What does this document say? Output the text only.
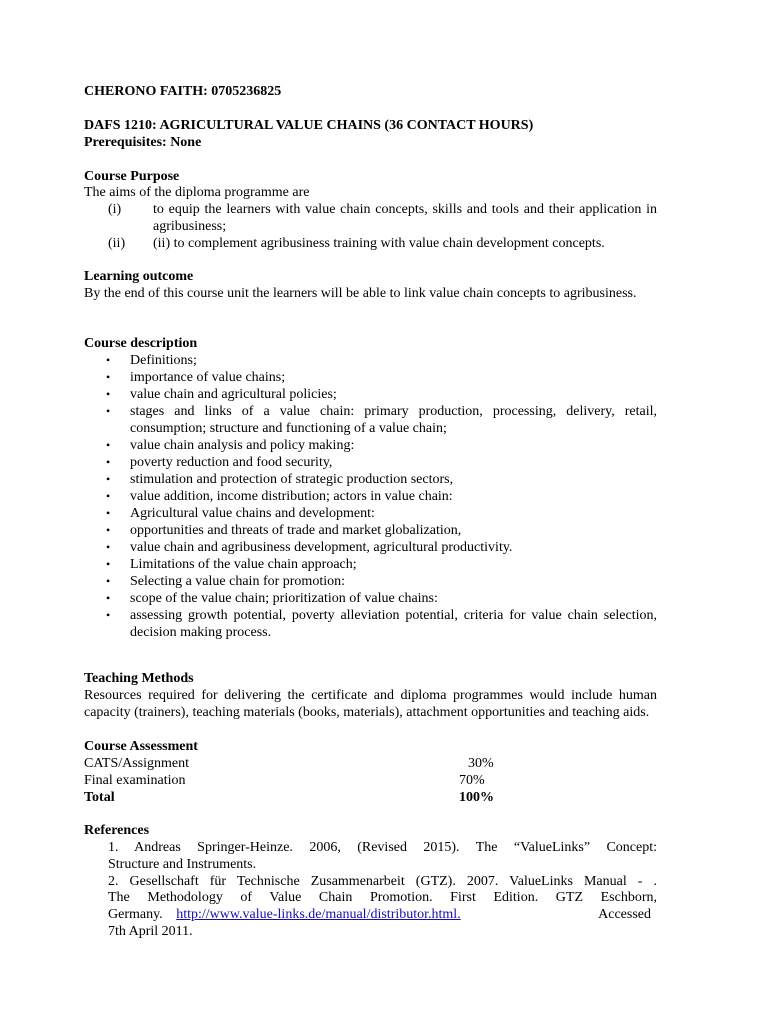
CHERONO FAITH: 0705236825
DAFS 1210: AGRICULTURAL VALUE CHAINS (36 CONTACT HOURS)
Prerequisites: None
Course Purpose
The aims of the diploma programme are
(i) to equip the learners with value chain concepts, skills and tools and their application in agribusiness;
(ii) (ii) to complement agribusiness training with value chain development concepts.
Learning outcome
By the end of this course unit the learners will be able to link value chain concepts to agribusiness.
Course description
• Definitions;
• importance of value chains;
• value chain and agricultural policies;
• stages and links of a value chain: primary production, processing, delivery, retail, consumption; structure and functioning of a value chain;
• value chain analysis and policy making:
• poverty reduction and food security,
• stimulation and protection of strategic production sectors,
• value addition, income distribution; actors in value chain:
• Agricultural value chains and development:
• opportunities and threats of trade and market globalization,
• value chain and agribusiness development, agricultural productivity.
• Limitations of the value chain approach;
• Selecting a value chain for promotion:
• scope of the value chain; prioritization of value chains:
• assessing growth potential, poverty alleviation potential, criteria for value chain selection, decision making process.
Teaching Methods
Resources required for delivering the certificate and diploma programmes would include human capacity (trainers), teaching materials (books, materials), attachment opportunities and teaching aids.
Course Assessment
CATS/Assignment	30%
Final examination	70%
Total	100%
References
1. Andreas Springer-Heinze. 2006, (Revised 2015). The “ValueLinks” Concept:
Structure and Instruments.
2. Gesellschaft für Technische Zusammenarbeit (GTZ). 2007. ValueLinks Manual - .
The Methodology of Value Chain Promotion. First Edition. GTZ Eschborn,
Germany. http://www.value-links.de/manual/distributor.html.	Accessed
7th April 2011.
